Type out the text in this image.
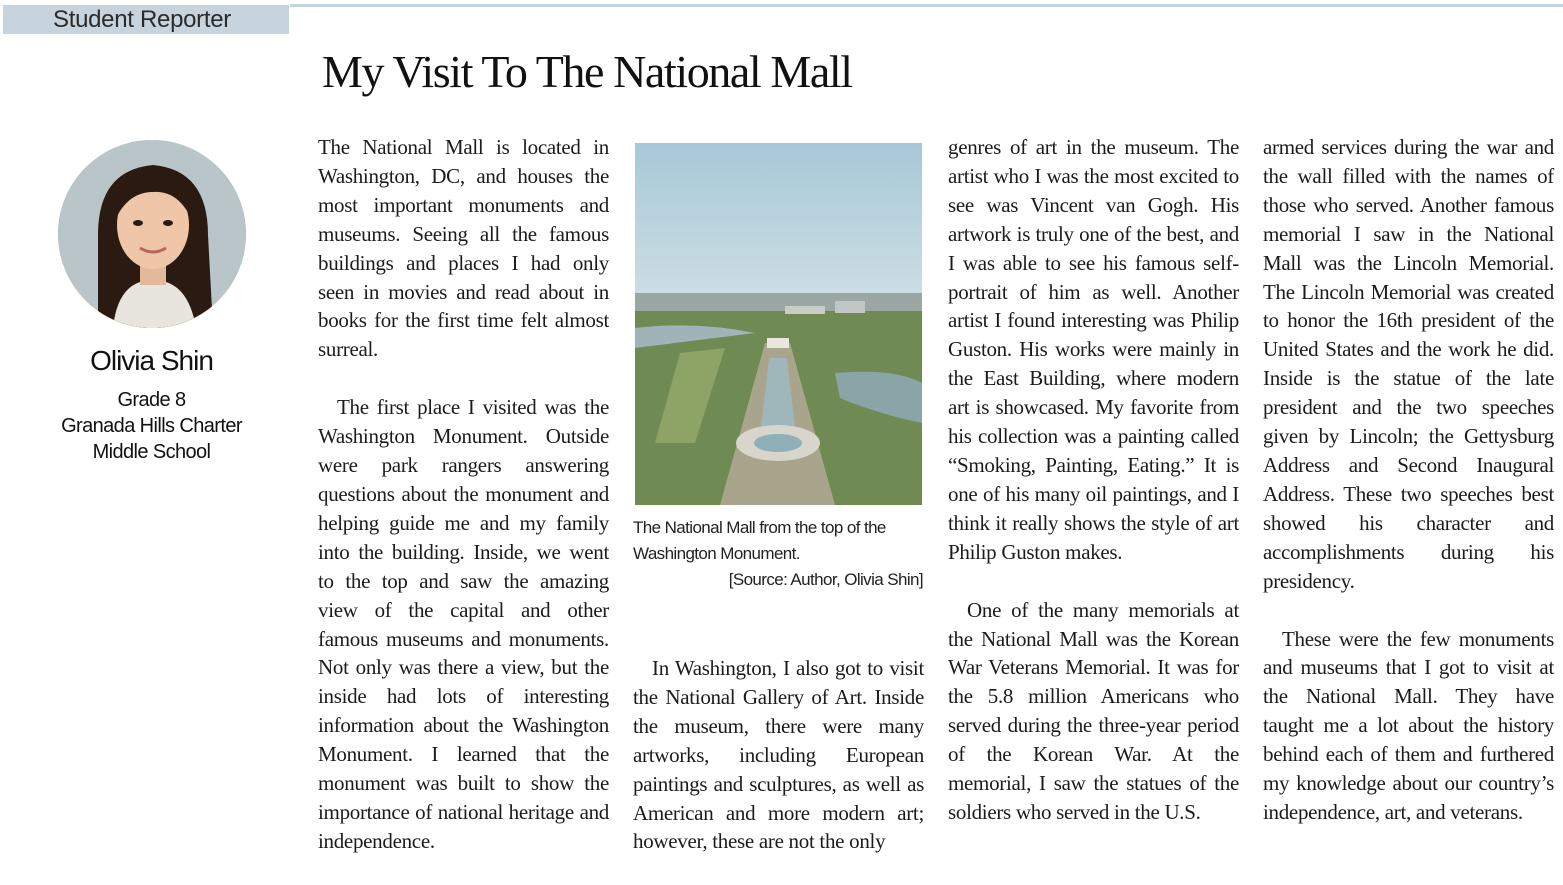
Student Reporter
My Visit To The National Mall
Olivia Shin
Grade 8
Granada Hills Charter
Middle School

The National Mall is located in Washington, DC, and houses the most important monuments and museums. Seeing all the famous buildings and places I had only seen in movies and read about in books for the first time felt almost surreal.

The first place I visited was the Washington Monument. Outside were park rangers answering questions about the monument and helping guide me and my family into the building. Inside, we went to the top and saw the amazing view of the capital and other famous museums and monuments. Not only was there a view, but the inside had lots of interesting information about the Washington Monument. I learned that the monument was built to show the importance of national heritage and independence.

The National Mall from the top of the Washington Monument.
[Source: Author, Olivia Shin]

In Washington, I also got to visit the National Gallery of Art. Inside the museum, there were many artworks, including European paintings and sculptures, as well as American and more modern art; however, these are not the only

genres of art in the museum. The artist who I was the most excited to see was Vincent van Gogh. His artwork is truly one of the best, and I was able to see his famous self-portrait of him as well. Another artist I found interesting was Philip Guston. His works were mainly in the East Building, where modern art is showcased. My favorite from his collection was a painting called “Smoking, Painting, Eating.” It is one of his many oil paintings, and I think it really shows the style of art Philip Guston makes.

One of the many memorials at the National Mall was the Korean War Veterans Memorial. It was for the 5.8 million Americans who served during the three-year period of the Korean War. At the memorial, I saw the statues of the soldiers who served in the U.S.

armed services during the war and the wall filled with the names of those who served. Another famous memorial I saw in the National Mall was the Lincoln Memorial. The Lincoln Memorial was created to honor the 16th president of the United States and the work he did. Inside is the statue of the late president and the two speeches given by Lincoln; the Gettysburg Address and Second Inaugural Address. These two speeches best showed his character and accomplishments during his presidency.

These were the few monuments and museums that I got to visit at the National Mall. They have taught me a lot about the history behind each of them and furthered my knowledge about our country’s independence, art, and veterans.
